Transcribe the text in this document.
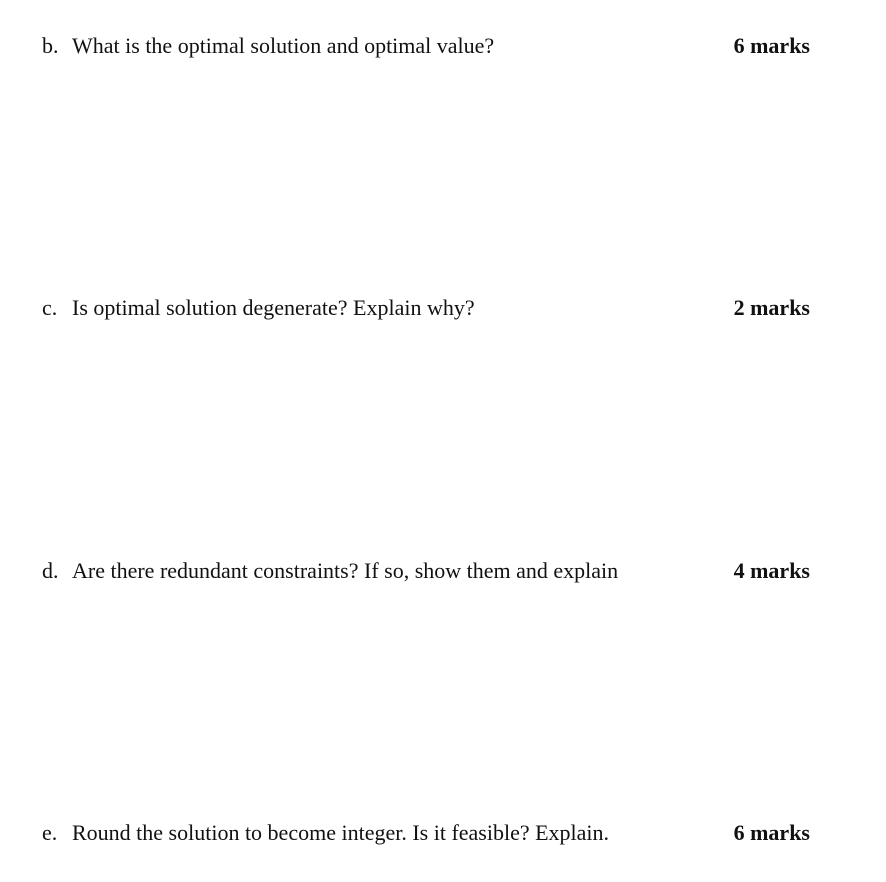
b. What is the optimal solution and optimal value?	6 marks
c. Is optimal solution degenerate? Explain why?	2 marks
d. Are there redundant constraints? If so, show them and explain	4 marks
e. Round the solution to become integer. Is it feasible? Explain.	6 marks
